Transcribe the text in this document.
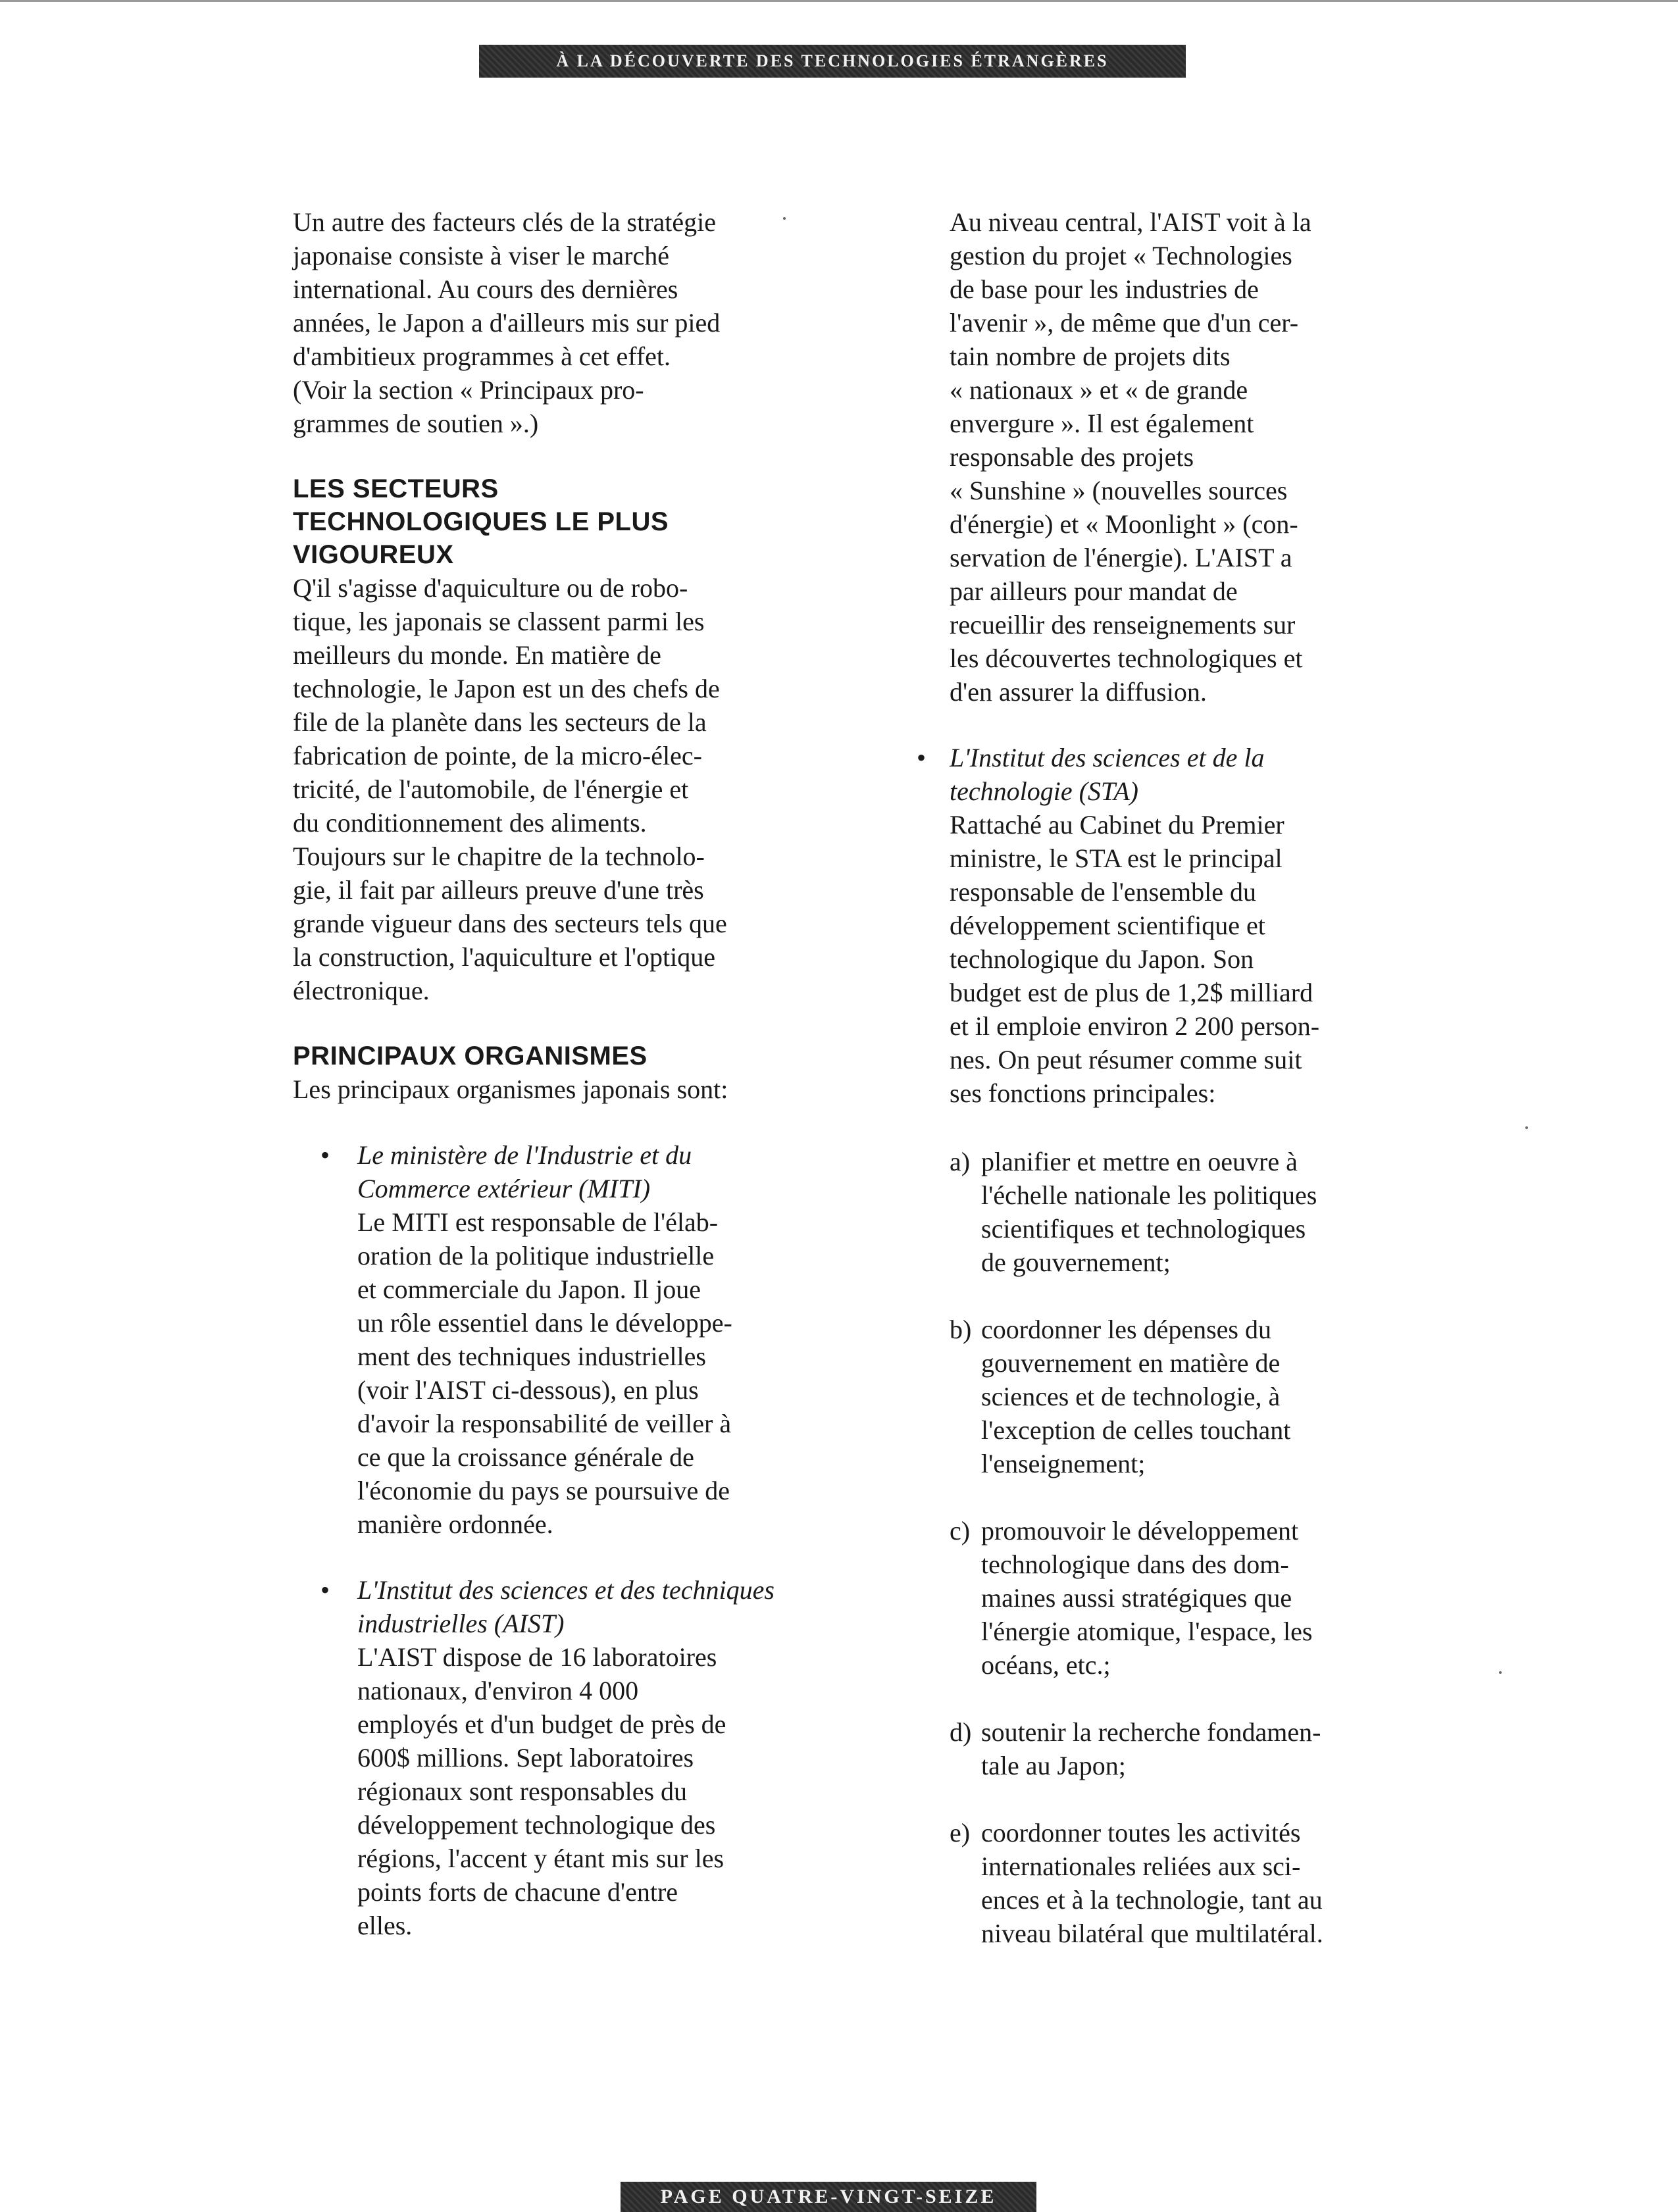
À LA DÉCOUVERTE DES TECHNOLOGIES ÉTRANGÈRES

Un autre des facteurs clés de la stratégie
japonaise consiste à viser le marché
international. Au cours des dernières
années, le Japon a d'ailleurs mis sur pied
d'ambitieux programmes à cet effet.
(Voir la section « Principaux pro-
grammes de soutien ».)

LES SECTEURS
TECHNOLOGIQUES LE PLUS
VIGOUREUX

Q'il s'agisse d'aquiculture ou de robo-
tique, les japonais se classent parmi les
meilleurs du monde. En matière de
technologie, le Japon est un des chefs de
file de la planète dans les secteurs de la
fabrication de pointe, de la micro-élec-
tricité, de l'automobile, de l'énergie et
du conditionnement des aliments.
Toujours sur le chapitre de la technolo-
gie, il fait par ailleurs preuve d'une très
grande vigueur dans des secteurs tels que
la construction, l'aquiculture et l'optique
électronique.

PRINCIPAUX ORGANISMES

Les principaux organismes japonais sont:

• Le ministère de l'Industrie et du
Commerce extérieur (MITI)
Le MITI est responsable de l'élab-
oration de la politique industrielle
et commerciale du Japon. Il joue
un rôle essentiel dans le développe-
ment des techniques industrielles
(voir l'AIST ci-dessous), en plus
d'avoir la responsabilité de veiller à
ce que la croissance générale de
l'économie du pays se poursuive de
manière ordonnée.
• L'Institut des sciences et des techniques
industrielles (AIST)
L'AIST dispose de 16 laboratoires
nationaux, d'environ 4 000
employés et d'un budget de près de
600$ millions. Sept laboratoires
régionaux sont responsables du
développement technologique des
régions, l'accent y étant mis sur les
points forts de chacune d'entre
elles.

Au niveau central, l'AIST voit à la
gestion du projet « Technologies
de base pour les industries de
l'avenir », de même que d'un cer-
tain nombre de projets dits
« nationaux » et « de grande
envergure ». Il est également
responsable des projets
« Sunshine » (nouvelles sources
d'énergie) et « Moonlight » (con-
servation de l'énergie). L'AIST a
par ailleurs pour mandat de
recueillir des renseignements sur
les découvertes technologiques et
d'en assurer la diffusion.

• L'Institut des sciences et de la
technologie (STA)
Rattaché au Cabinet du Premier
ministre, le STA est le principal
responsable de l'ensemble du
développement scientifique et
technologique du Japon. Son
budget est de plus de 1,2$ milliard
et il emploie environ 2 200 person-
nes. On peut résumer comme suit
ses fonctions principales:
a) planifier et mettre en oeuvre à
l'échelle nationale les politiques
scientifiques et technologiques
de gouvernement;
b) coordonner les dépenses du
gouvernement en matière de
sciences et de technologie, à
l'exception de celles touchant
l'enseignement;
c) promouvoir le développement
technologique dans des dom-
maines aussi stratégiques que
l'énergie atomique, l'espace, les
océans, etc.;
d) soutenir la recherche fondamen-
tale au Japon;
e) coordonner toutes les activités
internationales reliées aux sci-
ences et à la technologie, tant au
niveau bilatéral que multilatéral.
PAGE QUATRE-VINGT-SEIZE
